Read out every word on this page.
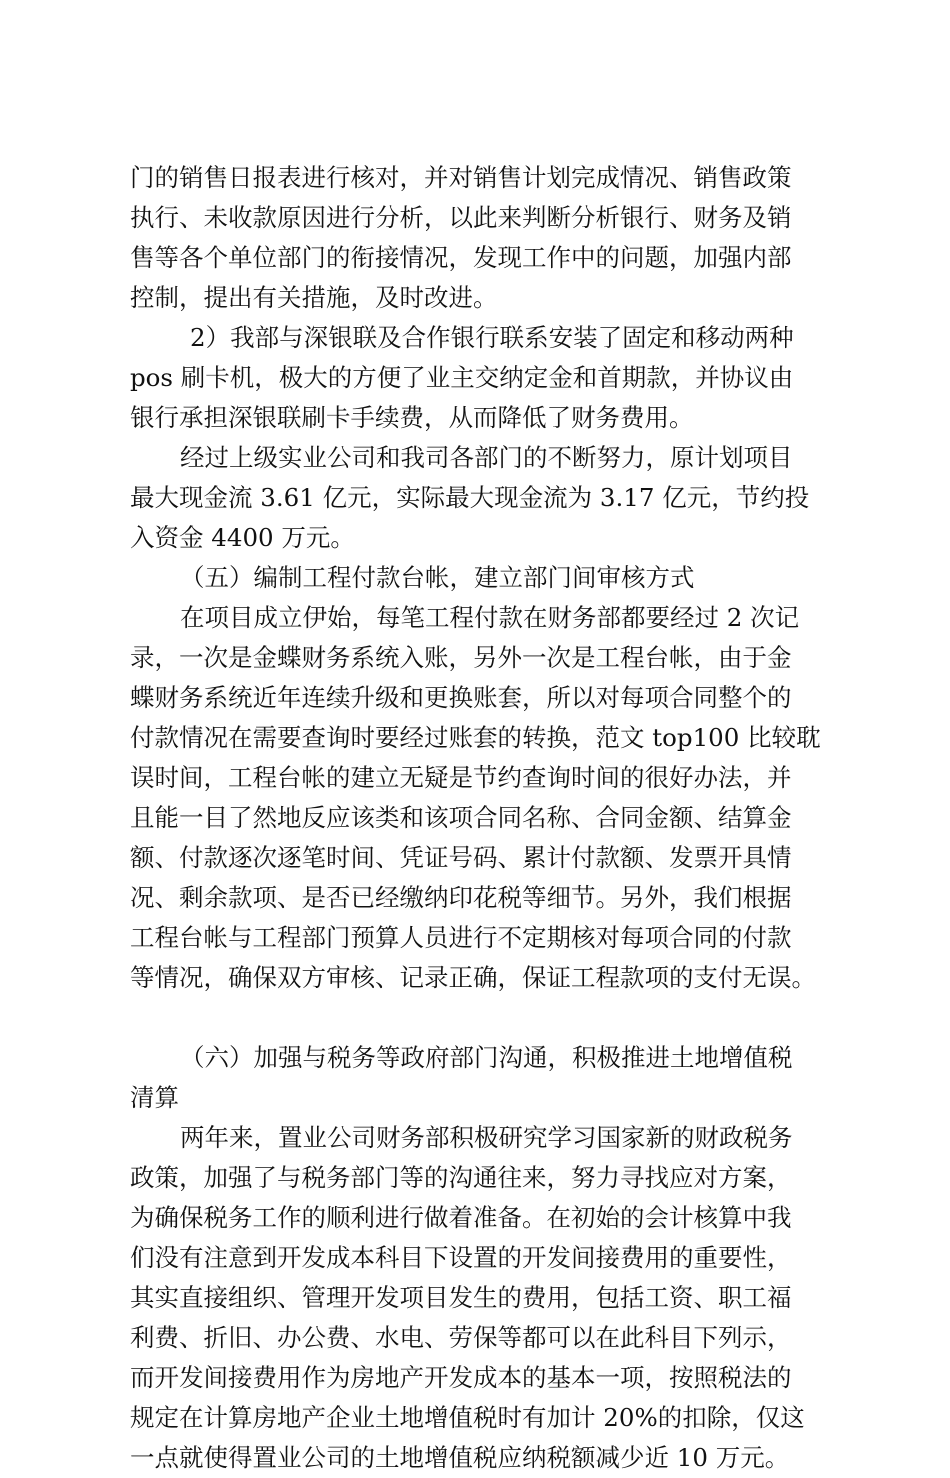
门的销售日报表进行核对，并对销售计划完成情况、销售政策
执行、未收款原因进行分析，以此来判断分析银行、财务及销
售等各个单位部门的衔接情况，发现工作中的问题，加强内部
控制，提出有关措施，及时改进。
2）我部与深银联及合作银行联系安装了固定和移动两种
pos 刷卡机，极大的方便了业主交纳定金和首期款，并协议由
银行承担深银联刷卡手续费，从而降低了财务费用。
经过上级实业公司和我司各部门的不断努力，原计划项目
最大现金流 3.61 亿元，实际最大现金流为 3.17 亿元，节约投
入资金 4400 万元。
（五）编制工程付款台帐，建立部门间审核方式
在项目成立伊始，每笔工程付款在财务部都要经过 2 次记
录，一次是金蝶财务系统入账，另外一次是工程台帐，由于金
蝶财务系统近年连续升级和更换账套，所以对每项合同整个的
付款情况在需要查询时要经过账套的转换，范文 top100 比较耽
误时间，工程台帐的建立无疑是节约查询时间的很好办法，并
且能一目了然地反应该类和该项合同名称、合同金额、结算金
额、付款逐次逐笔时间、凭证号码、累计付款额、发票开具情
况、剩余款项、是否已经缴纳印花税等细节。另外，我们根据
工程台帐与工程部门预算人员进行不定期核对每项合同的付款
等情况，确保双方审核、记录正确，保证工程款项的支付无误。
（六）加强与税务等政府部门沟通，积极推进土地增值税
清算
两年来，置业公司财务部积极研究学习国家新的财政税务
政策，加强了与税务部门等的沟通往来，努力寻找应对方案，
为确保税务工作的顺利进行做着准备。在初始的会计核算中我
们没有注意到开发成本科目下设置的开发间接费用的重要性，
其实直接组织、管理开发项目发生的费用，包括工资、职工福
利费、折旧、办公费、水电、劳保等都可以在此科目下列示，
而开发间接费用作为房地产开发成本的基本一项，按照税法的
规定在计算房地产企业土地增值税时有加计 20%的扣除，仅这
一点就使得置业公司的土地增值税应纳税额减少近 10 万元。
